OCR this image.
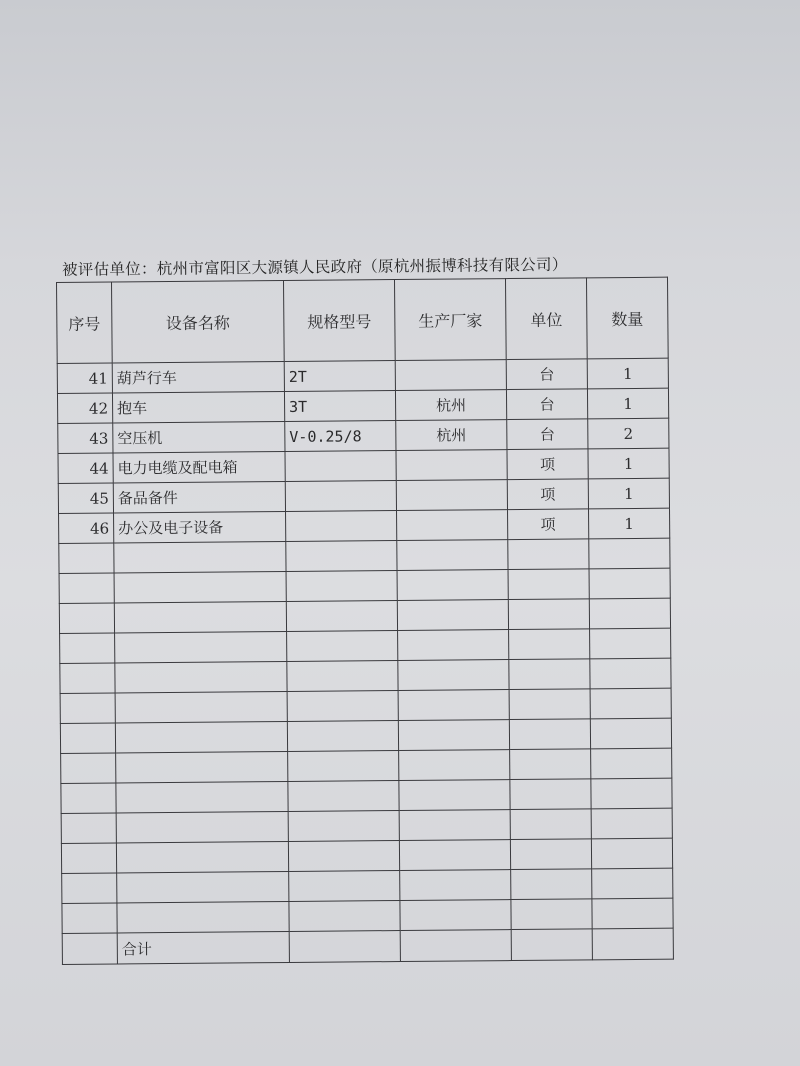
被评估单位：杭州市富阳区大源镇人民政府（原杭州振博科技有限公司）
序号	设备名称	规格型号	生产厂家	单位	数量
41	葫芦行车	2T		台	1
42	抱车	3T	杭州	台	1
43	空压机	V-0.25/8	杭州	台	2
44	电力电缆及配电箱			项	1
45	备品备件			项	1
46	办公及电子设备			项	1

	合计				
